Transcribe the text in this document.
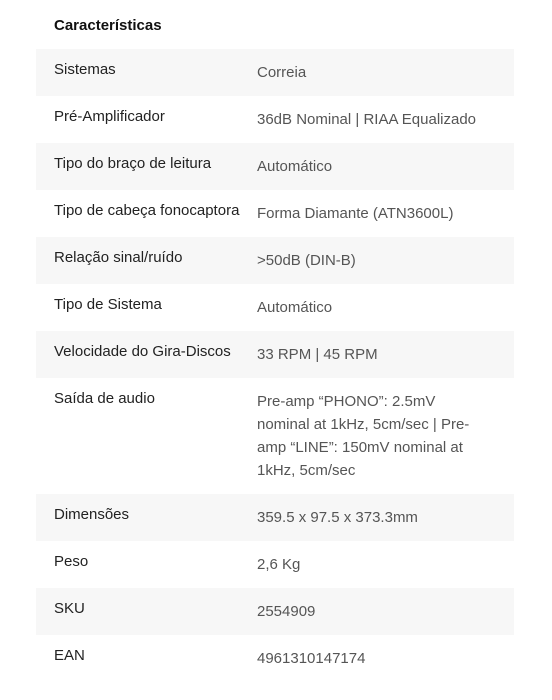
Características
Sistemas	Correia
Pré-Amplificador	36dB Nominal | RIAA Equalizado
Tipo do braço de leitura	Automático
Tipo de cabeça fonocaptora	Forma Diamante (ATN3600L)
Relação sinal/ruído	>50dB (DIN-B)
Tipo de Sistema	Automático
Velocidade do Gira-Discos	33 RPM | 45 RPM
Saída de audio	Pre-amp “PHONO”: 2.5mV nominal at 1kHz, 5cm/sec | Pre-amp “LINE”: 150mV nominal at 1kHz, 5cm/sec
Dimensões	359.5 x 97.5 x 373.3mm
Peso	2,6 Kg
SKU	2554909
EAN	4961310147174
